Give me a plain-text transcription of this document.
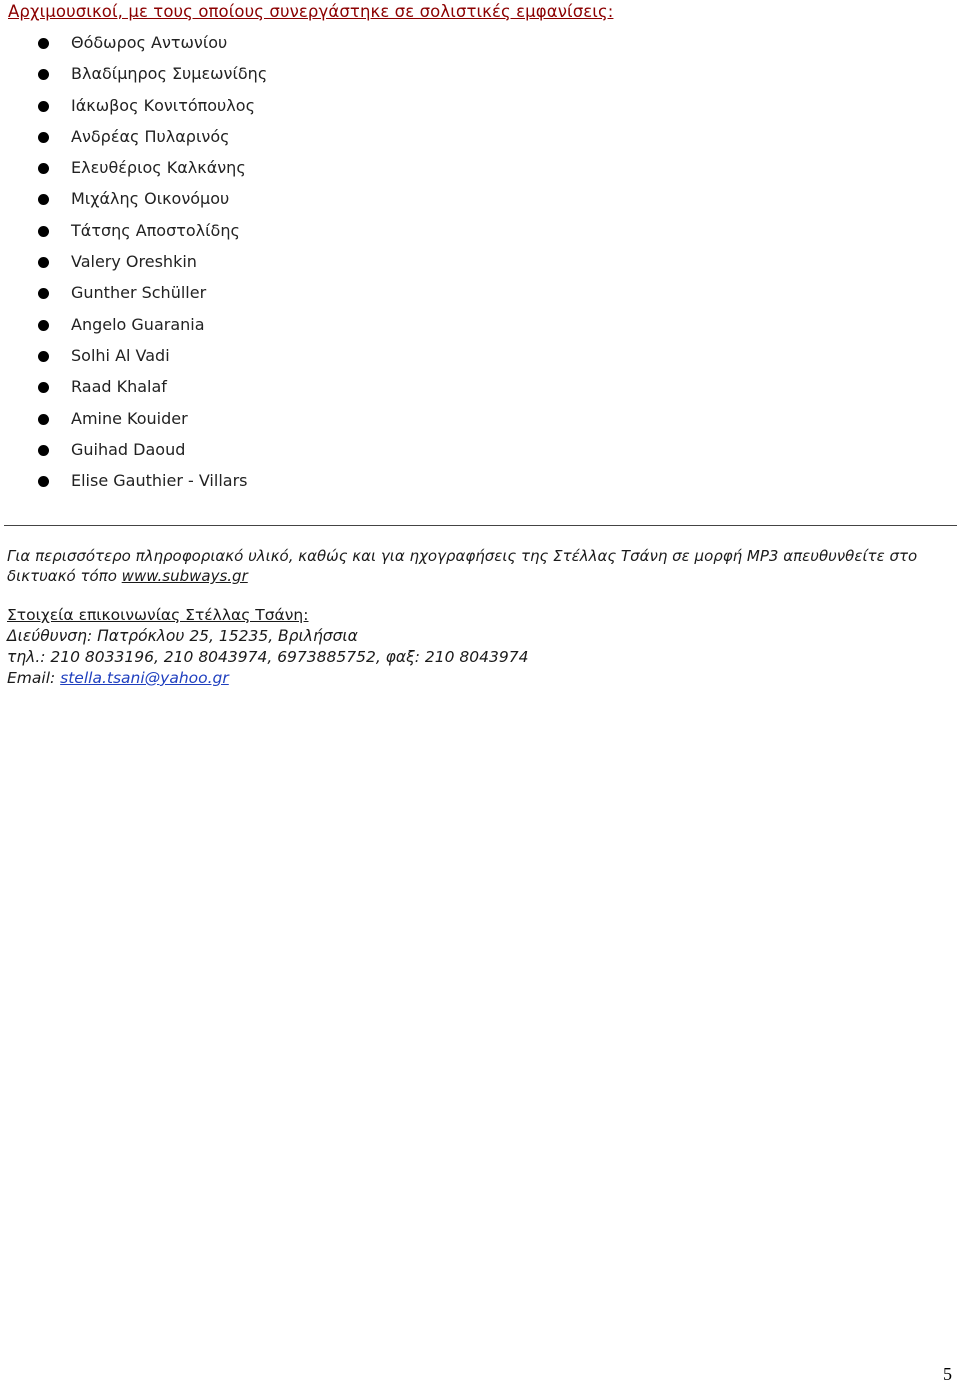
Αρχιμουσικοί, με τους οποίους συνεργάστηκε σε σολιστικές εμφανίσεις:
Θόδωρος Αντωνίου
Βλαδίμηρος Συμεωνίδης
Ιάκωβος Κονιτόπουλος
Ανδρέας Πυλαρινός
Ελευθέριος Καλκάνης
Μιχάλης Οικονόμου
Τάτσης Αποστολίδης
Valery Oreshkin
Gunther Schüller
Angelo Guarania
Solhi Al Vadi
Raad Khalaf
Amine Kouider
Guihad Daoud
Elise Gauthier - Villars
Για περισσότερο πληροφοριακό υλικό, καθώς και για ηχογραφήσεις της Στέλλας Τσάνη σε μορφή MP3 απευθυνθείτε στο δικτυακό τόπο www.subways.gr
Στοιχεία επικοινωνίας Στέλλας Τσάνη:
Διεύθυνση: Πατρόκλου 25, 15235, Βριλήσσια
τηλ.: 210 8033196, 210 8043974, 6973885752, φαξ: 210 8043974
Email: stella.tsani@yahoo.gr
5
